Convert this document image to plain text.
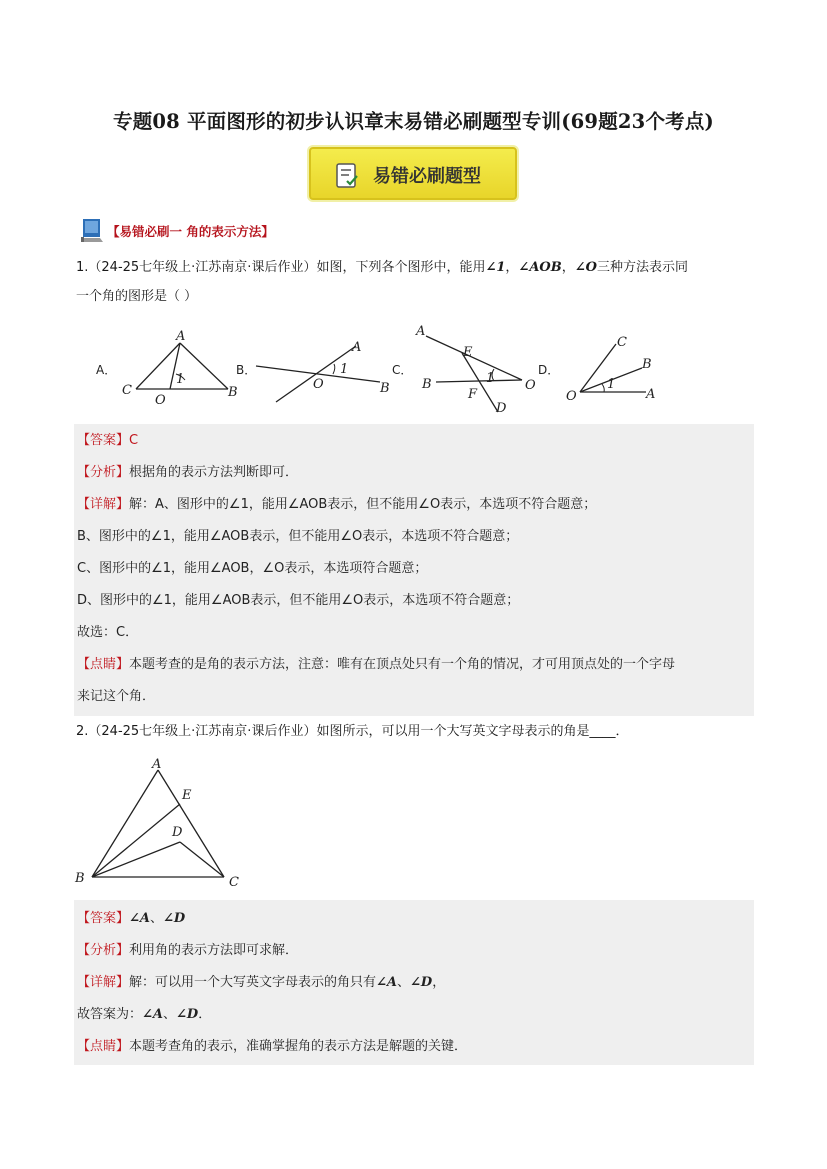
专题08 平面图形的初步认识章末易错必刷题型专训(69题23个考点)
易错必刷题型
【易错必刷一 角的表示方法】
1.（24-25七年级上·江苏南京·课后作业）如图，下列各个图形中，能用∠1，∠AOB，∠O三种方法表示同
一个角的图形是（ ）
A．
A
C	B
O
1
B．
A
O	B
1	C．
A
E
B
F
O
D
1
D．
C
B
A
O
1
【答案】C
【分析】根据角的表示方法判断即可．
【详解】解：A、图形中的∠1，能用∠AOB表示，但不能用∠O表示，本选项不符合题意；
B、图形中的∠1，能用∠AOB表示，但不能用∠O表示，本选项不符合题意；
C、图形中的∠1，能用∠AOB，∠O表示，本选项符合题意；
D、图形中的∠1，能用∠AOB表示，但不能用∠O表示，本选项不符合题意；
故选：C．
【点睛】本题考查的是角的表示方法，注意：唯有在顶点处只有一个角的情况，才可用顶点处的一个字母
来记这个角．
2.（24-25七年级上·江苏南京·课后作业）如图所示，可以用一个大写英文字母表示的角是____．
A
E
D
B	C
【答案】∠A、∠D
【分析】利用角的表示方法即可求解．
【详解】解：可以用一个大写英文字母表示的角只有∠A、∠D，
故答案为：∠A、∠D．
【点睛】本题考查角的表示，准确掌握角的表示方法是解题的关键．
